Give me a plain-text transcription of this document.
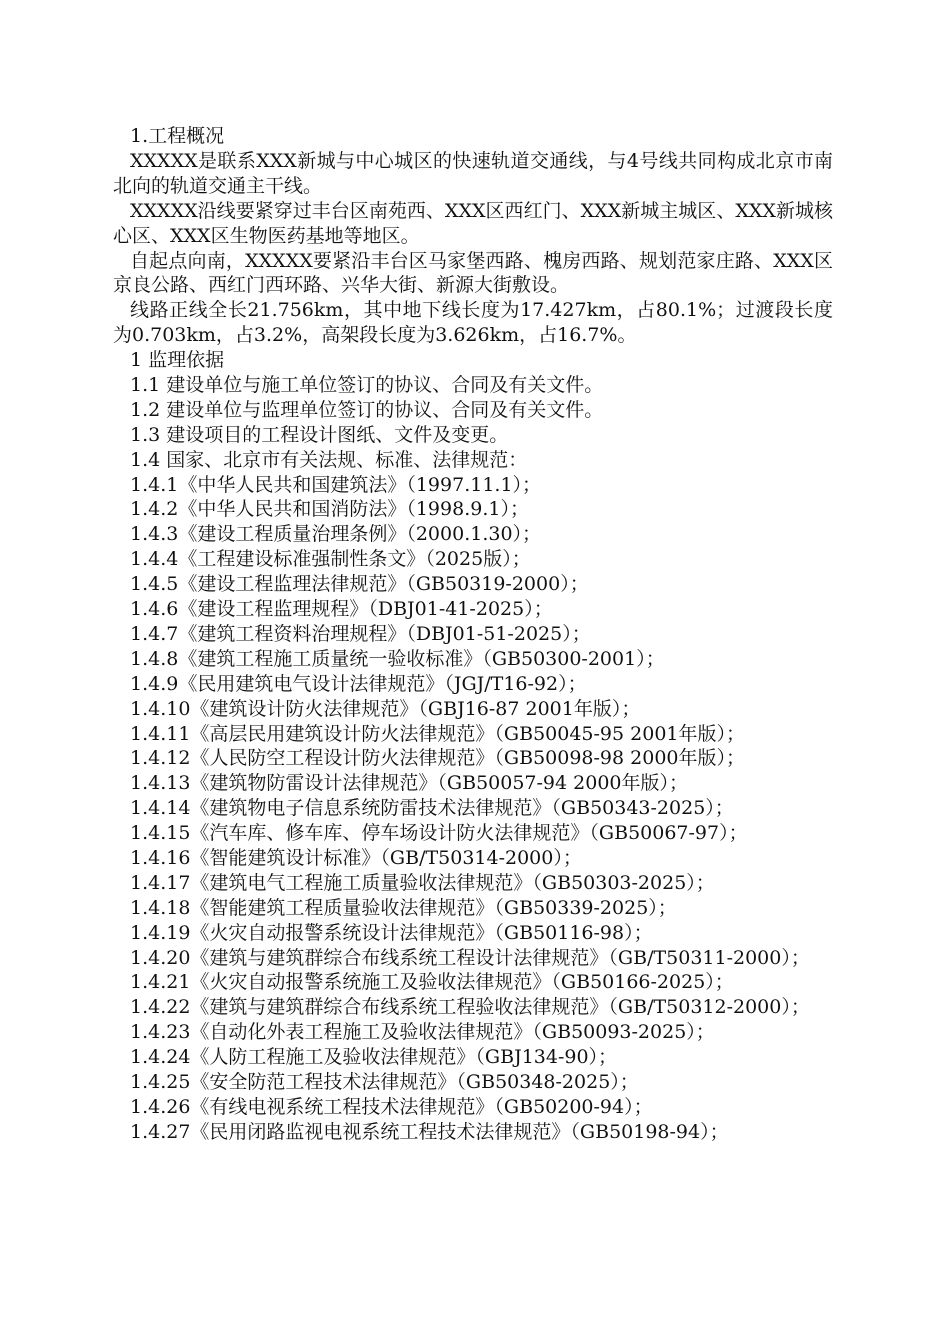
1.工程概况
XXXXX是联系XXX新城与中心城区的快速轨道交通线，与4号线共同构成北京市南北向的轨道交通主干线。
XXXXX沿线要紧穿过丰台区南苑西、XXX区西红门、XXX新城主城区、XXX新城核心区、XXX区生物医药基地等地区。
自起点向南，XXXXX要紧沿丰台区马家堡西路、槐房西路、规划范家庄路、XXX区京良公路、西红门西环路、兴华大街、新源大街敷设。
线路正线全长21.756km，其中地下线长度为17.427km，占80.1%；过渡段长度为0.703km，占3.2%，高架段长度为3.626km，占16.7%。
1 监理依据
1.1 建设单位与施工单位签订的协议、合同及有关文件。
1.2 建设单位与监理单位签订的协议、合同及有关文件。
1.3 建设项目的工程设计图纸、文件及变更。
1.4 国家、北京市有关法规、标准、法律规范：
1.4.1《中华人民共和国建筑法》（1997.11.1）；
1.4.2《中华人民共和国消防法》（1998.9.1）；
1.4.3《建设工程质量治理条例》（2000.1.30）；
1.4.4《工程建设标准强制性条文》（2025版）；
1.4.5《建设工程监理法律规范》（GB50319-2000）；
1.4.6《建设工程监理规程》（DBJ01-41-2025）；
1.4.7《建筑工程资料治理规程》（DBJ01-51-2025）；
1.4.8《建筑工程施工质量统一验收标准》（GB50300-2001）；
1.4.9《民用建筑电气设计法律规范》（JGJ/T16-92）；
1.4.10《建筑设计防火法律规范》（GBJ16-87 2001年版）；
1.4.11《高层民用建筑设计防火法律规范》（GB50045-95 2001年版）；
1.4.12《人民防空工程设计防火法律规范》（GB50098-98 2000年版）；
1.4.13《建筑物防雷设计法律规范》（GB50057-94 2000年版）；
1.4.14《建筑物电子信息系统防雷技术法律规范》（GB50343-2025）；
1.4.15《汽车库、修车库、停车场设计防火法律规范》（GB50067-97）；
1.4.16《智能建筑设计标准》（GB/T50314-2000）；
1.4.17《建筑电气工程施工质量验收法律规范》（GB50303-2025）；
1.4.18《智能建筑工程质量验收法律规范》（GB50339-2025）；
1.4.19《火灾自动报警系统设计法律规范》（GB50116-98）；
1.4.20《建筑与建筑群综合布线系统工程设计法律规范》（GB/T50311-2000）；
1.4.21《火灾自动报警系统施工及验收法律规范》（GB50166-2025）；
1.4.22《建筑与建筑群综合布线系统工程验收法律规范》（GB/T50312-2000）；
1.4.23《自动化外表工程施工及验收法律规范》（GB50093-2025）；
1.4.24《人防工程施工及验收法律规范》（GBJ134-90）；
1.4.25《安全防范工程技术法律规范》（GB50348-2025）；
1.4.26《有线电视系统工程技术法律规范》（GB50200-94）；
1.4.27《民用闭路监视电视系统工程技术法律规范》（GB50198-94）；
